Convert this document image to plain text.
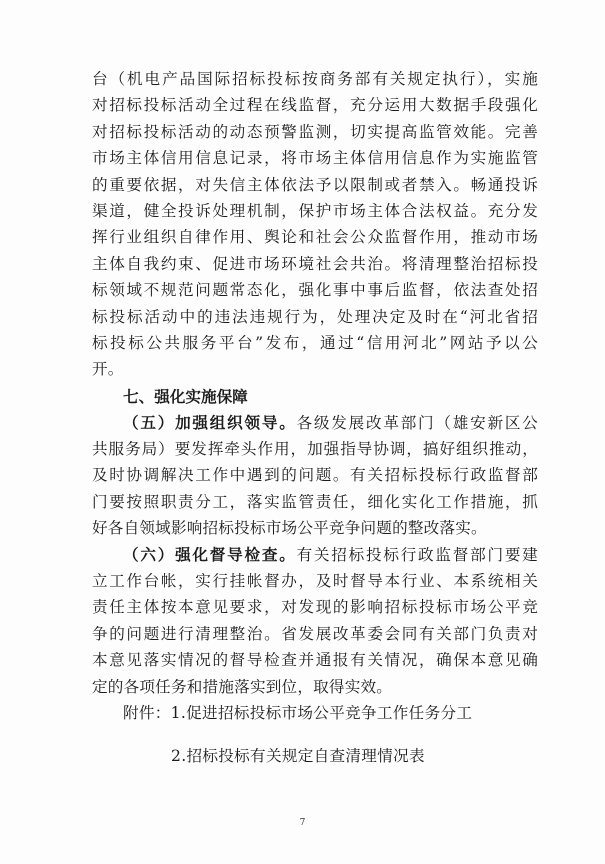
台（机电产品国际招标投标按商务部有关规定执行），实施
对招标投标活动全过程在线监督，充分运用大数据手段强化
对招标投标活动的动态预警监测，切实提高监管效能。完善
市场主体信用信息记录，将市场主体信用信息作为实施监管
的重要依据，对失信主体依法予以限制或者禁入。畅通投诉
渠道，健全投诉处理机制，保护市场主体合法权益。充分发
挥行业组织自律作用、舆论和社会公众监督作用，推动市场
主体自我约束、促进市场环境社会共治。将清理整治招标投
标领域不规范问题常态化，强化事中事后监督，依法查处招
标投标活动中的违法违规行为，处理决定及时在“河北省招
标投标公共服务平台”发布，通过“信用河北”网站予以公
开。
七、强化实施保障
（五）加强组织领导。各级发展改革部门（雄安新区公
共服务局）要发挥牵头作用，加强指导协调，搞好组织推动，
及时协调解决工作中遇到的问题。有关招标投标行政监督部
门要按照职责分工，落实监管责任，细化实化工作措施，抓
好各自领域影响招标投标市场公平竞争问题的整改落实。
（六）强化督导检查。有关招标投标行政监督部门要建
立工作台帐，实行挂帐督办，及时督导本行业、本系统相关
责任主体按本意见要求，对发现的影响招标投标市场公平竞
争的问题进行清理整治。省发展改革委会同有关部门负责对
本意见落实情况的督导检查并通报有关情况，确保本意见确
定的各项任务和措施落实到位，取得实效。
附件：1.促进招标投标市场公平竞争工作任务分工
2.招标投标有关规定自查清理情况表
7
